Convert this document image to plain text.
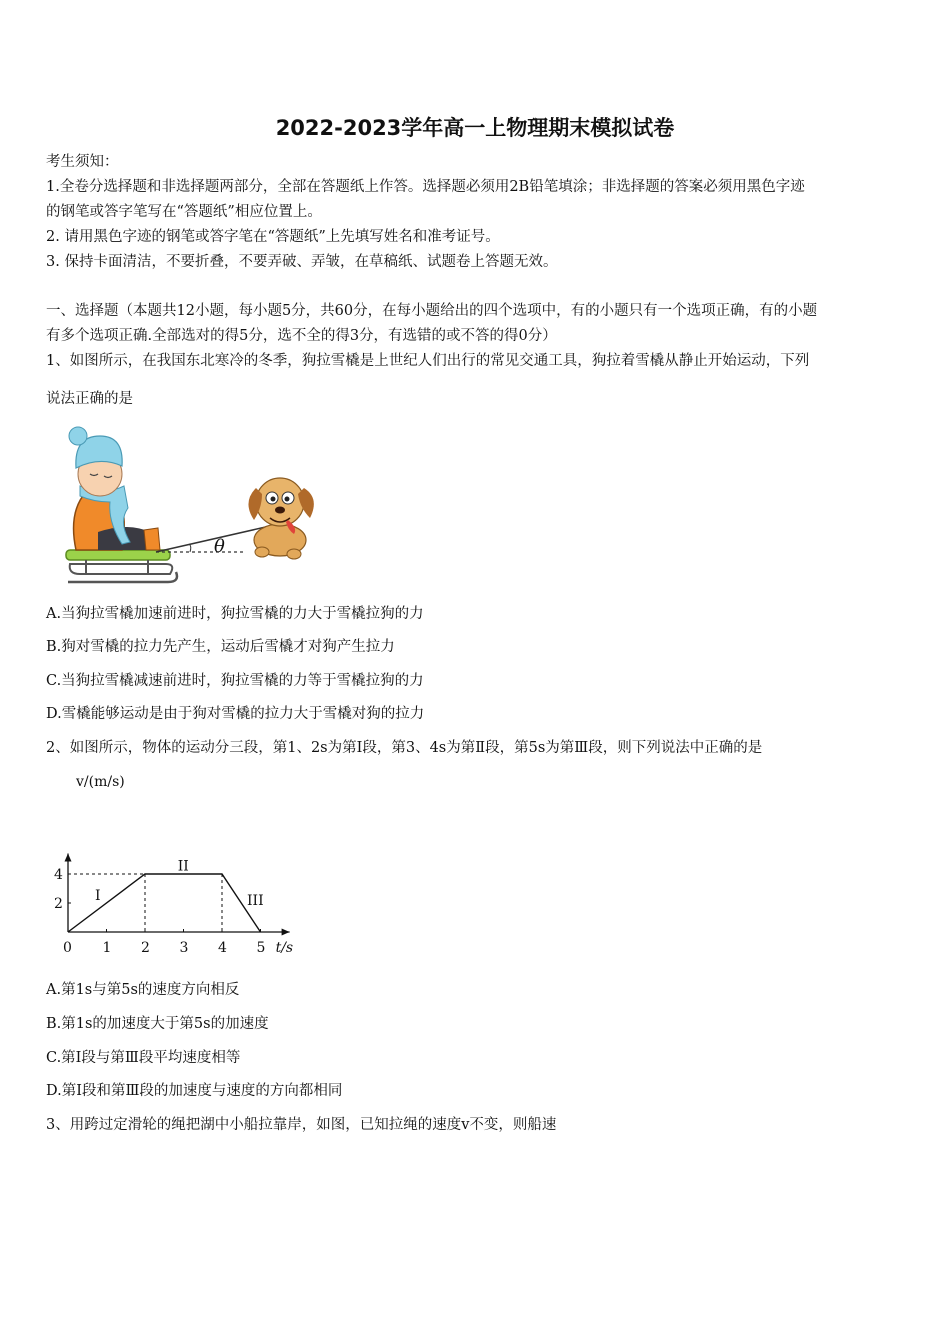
2022-2023学年高一上物理期末模拟试卷
考生须知：
1.全卷分选择题和非选择题两部分，全部在答题纸上作答。选择题必须用2B铅笔填涂；非选择题的答案必须用黑色字迹
的钢笔或答字笔写在“答题纸”相应位置上。
2. 请用黑色字迹的钢笔或答字笔在“答题纸”上先填写姓名和准考证号。
3. 保持卡面清洁，不要折叠，不要弄破、弄皱，在草稿纸、试题卷上答题无效。
一、选择题（本题共12小题，每小题5分，共60分，在每小题给出的四个选项中，有的小题只有一个选项正确，有的小题
有多个选项正确.全部选对的得5分，选不全的得3分，有选错的或不答的得0分）
1、如图所示，在我国东北寒冷的冬季，狗拉雪橇是上世纪人们出行的常见交通工具，狗拉着雪橇从静止开始运动，下列
说法正确的是
θ
A.当狗拉雪橇加速前进时，狗拉雪橇的力大于雪橇拉狗的力
B.狗对雪橇的拉力先产生，运动后雪橇才对狗产生拉力
C.当狗拉雪橇减速前进时，狗拉雪橇的力等于雪橇拉狗的力
D.雪橇能够运动是由于狗对雪橇的拉力大于雪橇对狗的拉力
2、如图所示，物体的运动分三段，第1、2s为第Ⅰ段，第3、4s为第Ⅱ段，第5s为第Ⅲ段，则下列说法中正确的是
0 1 2 3 4 5
2
4
v/(m/s)
t/s
I
II
III
A.第1s与第5s的速度方向相反
B.第1s的加速度大于第5s的加速度
C.第Ⅰ段与第Ⅲ段平均速度相等
D.第Ⅰ段和第Ⅲ段的加速度与速度的方向都相同
3、用跨过定滑轮的绳把湖中小船拉靠岸，如图，已知拉绳的速度v不变，则船速
